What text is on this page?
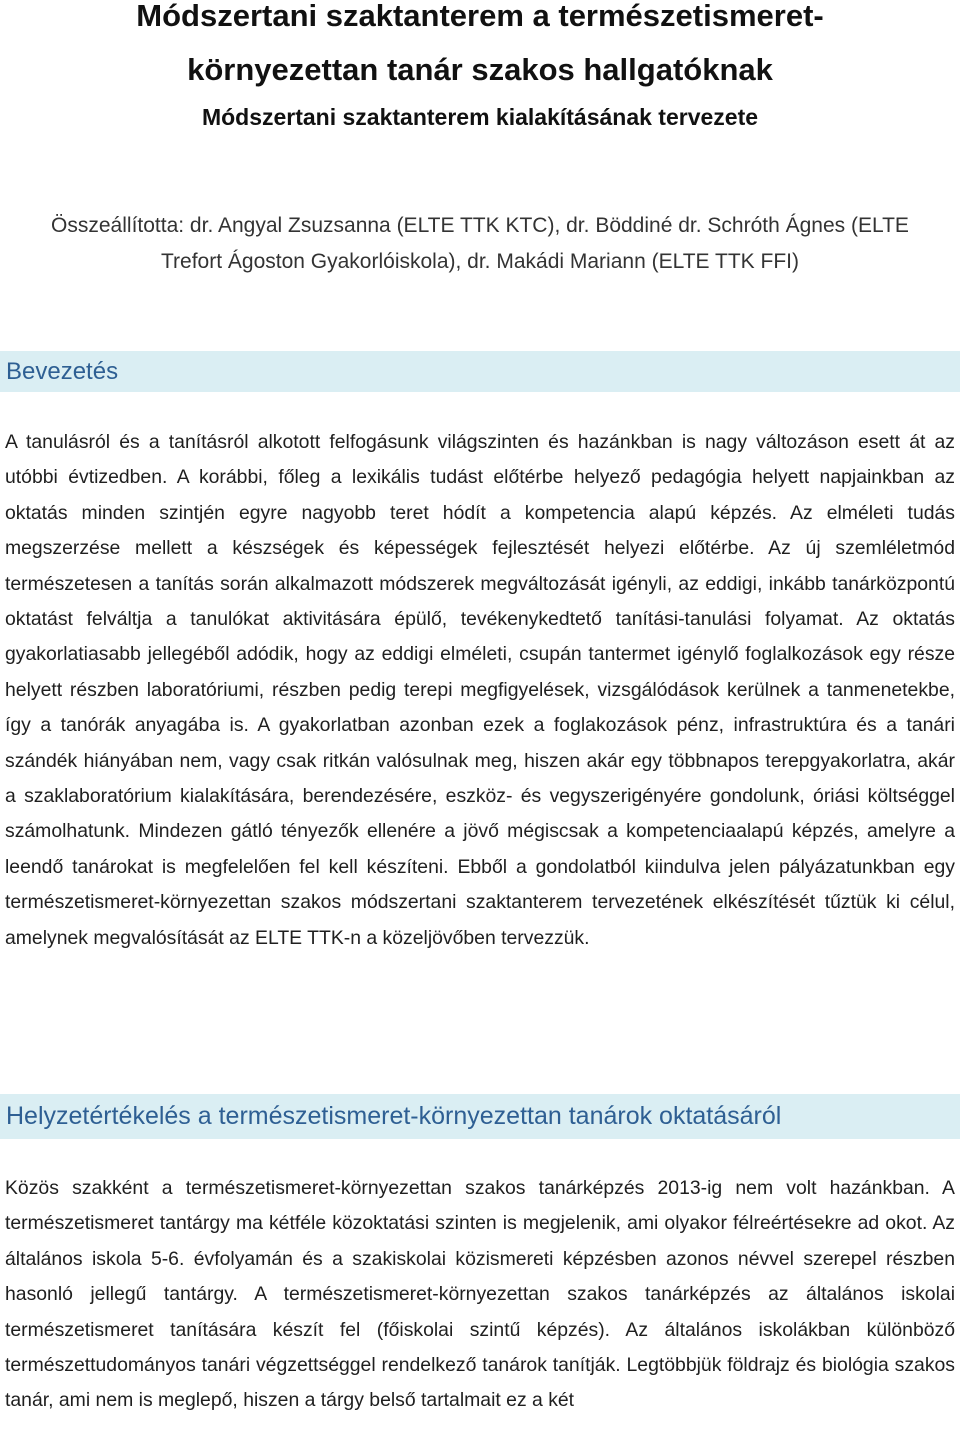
Módszertani szaktanterem a természetismeret-
környezettan tanár szakos hallgatóknak
Módszertani szaktanterem kialakításának tervezete
Összeállította: dr. Angyal Zsuzsanna (ELTE TTK KTC), dr. Böddiné dr. Schróth Ágnes (ELTE
Trefort Ágoston Gyakorlóiskola), dr. Makádi Mariann (ELTE TTK FFI)
Bevezetés
A tanulásról és a tanításról alkotott felfogásunk világszinten és hazánkban is nagy változáson esett át az utóbbi évtizedben. A korábbi, főleg a lexikális tudást előtérbe helyező pedagógia helyett napjainkban az oktatás minden szintjén egyre nagyobb teret hódít a kompetencia alapú képzés. Az elméleti tudás megszerzése mellett a készségek és képességek fejlesztését helyezi előtérbe. Az új szemléletmód természetesen a tanítás során alkalmazott módszerek megváltozását igényli, az eddigi, inkább tanárközpontú oktatást felváltja a tanulókat aktivitására épülő, tevékenykedtető tanítási-tanulási folyamat. Az oktatás gyakorlatiasabb jellegéből adódik, hogy az eddigi elméleti, csupán tantermet igénylő foglalkozások egy része helyett részben laboratóriumi, részben pedig terepi megfigyelések, vizsgálódások kerülnek a tanmenetekbe, így a tanórák anyagába is. A gyakorlatban azonban ezek a foglakozások pénz, infrastruktúra és a tanári szándék hiányában nem, vagy csak ritkán valósulnak meg, hiszen akár egy többnapos terepgyakorlatra, akár a szaklaboratórium kialakítására, berendezésére, eszköz- és vegyszerigényére gondolunk, óriási költséggel számolhatunk. Mindezen gátló tényezők ellenére a jövő mégiscsak a kompetenciaalapú képzés, amelyre a leendő tanárokat is megfelelően fel kell készíteni. Ebből a gondolatból kiindulva jelen pályázatunkban egy természetismeret-környezettan szakos módszertani szaktanterem tervezetének elkészítését tűztük ki célul, amelynek megvalósítását az ELTE TTK-n a közeljövőben tervezzük.
Helyzetértékelés a természetismeret-környezettan tanárok oktatásáról
Közös szakként a természetismeret-környezettan szakos tanárképzés 2013-ig nem volt hazánkban. A természetismeret tantárgy ma kétféle közoktatási szinten is megjelenik, ami olyakor félreértésekre ad okot. Az általános iskola 5-6. évfolyamán és a szakiskolai közismereti képzésben azonos névvel szerepel részben hasonló jellegű tantárgy. A természetismeret-környezettan szakos tanárképzés az általános iskolai természetismeret tanítására készít fel (főiskolai szintű képzés). Az általános iskolákban különböző természettudományos tanári végzettséggel rendelkező tanárok tanítják. Legtöbbjük földrajz és biológia szakos tanár, ami nem is meglepő, hiszen a tárgy belső tartalmait ez a két
